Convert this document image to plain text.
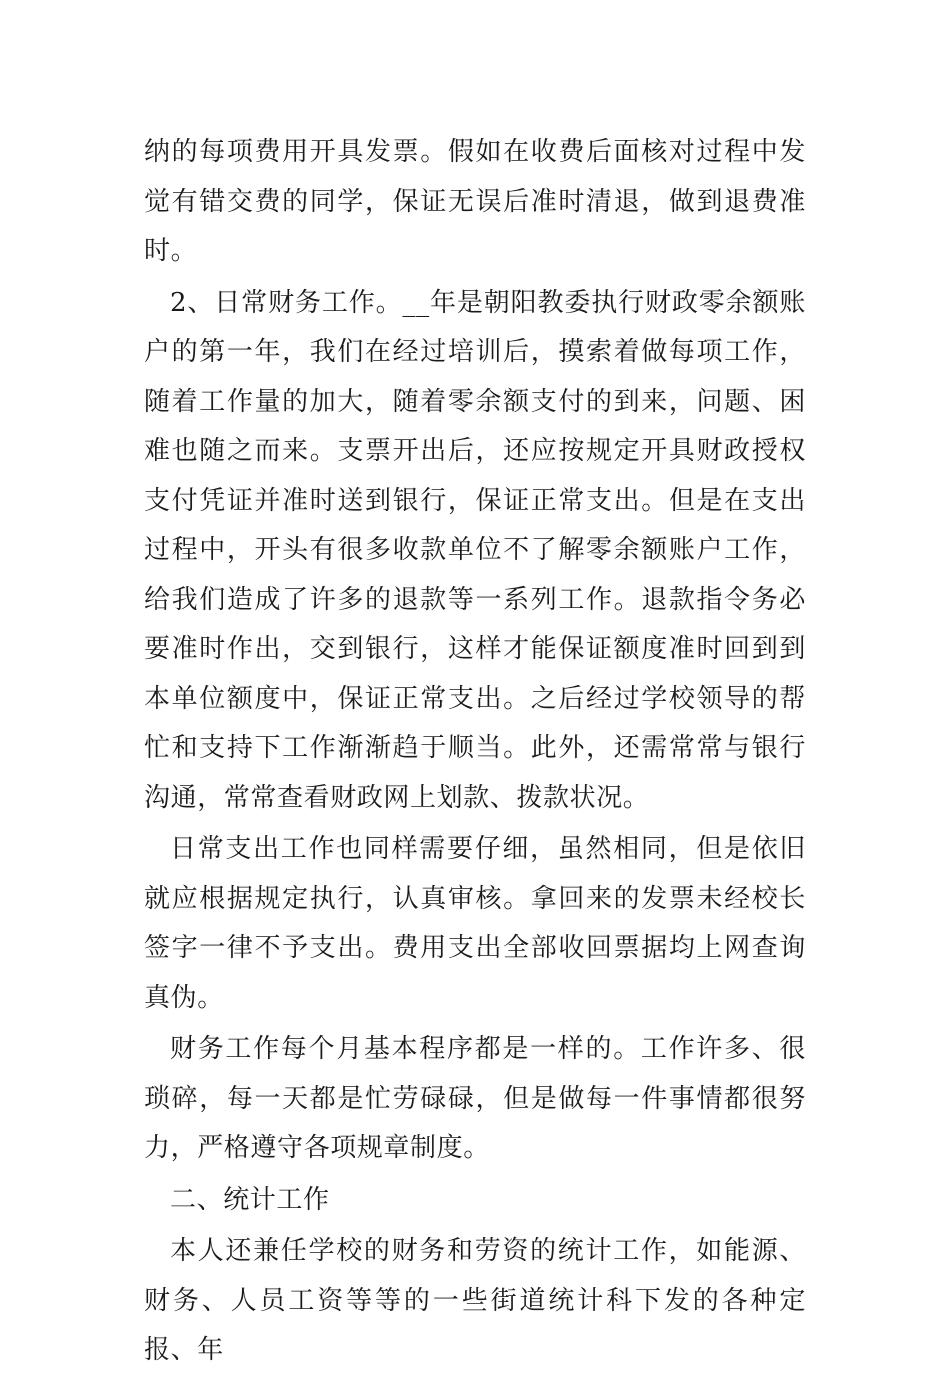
纳的每项费用开具发票。假如在收费后面核对过程中发觉有错交费的同学，保证无误后准时清退，做到退费准时。

2、日常财务工作。__年是朝阳教委执行财政零余额账户的第一年，我们在经过培训后，摸索着做每项工作，随着工作量的加大，随着零余额支付的到来，问题、困难也随之而来。支票开出后，还应按规定开具财政授权支付凭证并准时送到银行，保证正常支出。但是在支出过程中，开头有很多收款单位不了解零余额账户工作，给我们造成了许多的退款等一系列工作。退款指令务必要准时作出，交到银行，这样才能保证额度准时回到到本单位额度中，保证正常支出。之后经过学校领导的帮忙和支持下工作渐渐趋于顺当。此外，还需常常与银行沟通，常常查看财政网上划款、拨款状况。

日常支出工作也同样需要仔细，虽然相同，但是依旧就应根据规定执行，认真审核。拿回来的发票未经校长签字一律不予支出。费用支出全部收回票据均上网查询真伪。

财务工作每个月基本程序都是一样的。工作许多、很琐碎，每一天都是忙劳碌碌，但是做每一件事情都很努力，严格遵守各项规章制度。

二、统计工作

本人还兼任学校的财务和劳资的统计工作，如能源、财务、人员工资等等的一些街道统计科下发的各种定报、年
